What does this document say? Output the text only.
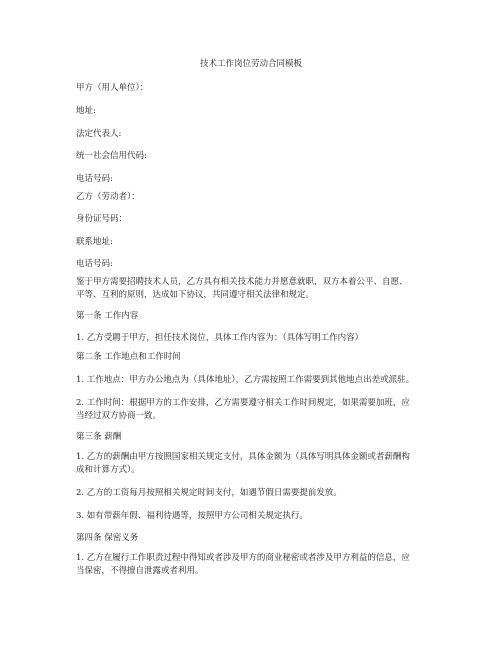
技术工作岗位劳动合同模板
甲方（用人单位）：
地址:
法定代表人:
统一社会信用代码:
电话号码:
乙方（劳动者）：
身份证号码：
联系地址:
电话号码:
鉴于甲方需要招聘技术人员，乙方具有相关技术能力并愿意就职，双方本着公平、自愿、
平等、互利的原则，达成如下协议，共同遵守相关法律和规定。
第一条 工作内容
1. 乙方受聘于甲方，担任技术岗位，具体工作内容为：（具体写明工作内容）
第二条 工作地点和工作时间
1. 工作地点：甲方办公地点为（具体地址），乙方需按照工作需要到其他地点出差或派驻。
2. 工作时间：根据甲方的工作安排，乙方需要遵守相关工作时间规定，如果需要加班，应
当经过双方协商一致。
第三条 薪酬
1. 乙方的薪酬由甲方按照国家相关规定支付，具体金额为（具体写明具体金额或者薪酬构
成和计算方式）。
2. 乙方的工资每月按照相关规定时间支付，如遇节假日需要提前发放。
3. 如有带薪年假、福利待遇等，按照甲方公司相关规定执行。
第四条 保密义务
1. 乙方在履行工作职责过程中得知或者涉及甲方的商业秘密或者涉及甲方利益的信息，应
当保密，不得擅自泄露或者利用。
